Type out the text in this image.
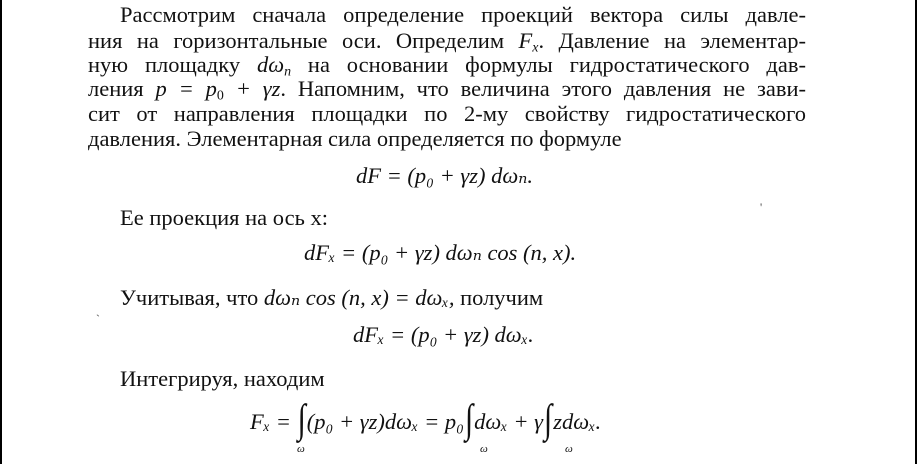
Рассмотрим сначала определение проекций вектора силы давле-
ния на горизонтальные оси. Определим $F_x$. Давление на элементар-
ную площадку $d\omega_n$ на основании формулы гидростатического дав-
ления $p = p_0 + \gamma z$. Напомним, что величина этого давления не зави-
сит от направления площадки по 2-му свойству гидростатического
давления. Элементарная сила определяется по формуле
dF = (p₀ + γz) dωₙ.
Ее проекция на ось x:
dFₓ = (p₀ + γz) dωₙ cos (n, x).
Учитывая, что dωₙ cos (n, x) = dωₓ, получим
dFₓ = (p₀ + γz) dωₓ.
Интегрируя, находим
Fₓ = ∫(p₀ + γz)dωₓ = p₀∫dωₓ + γ∫zdωₓ.
ω	ω	ω
'
`
